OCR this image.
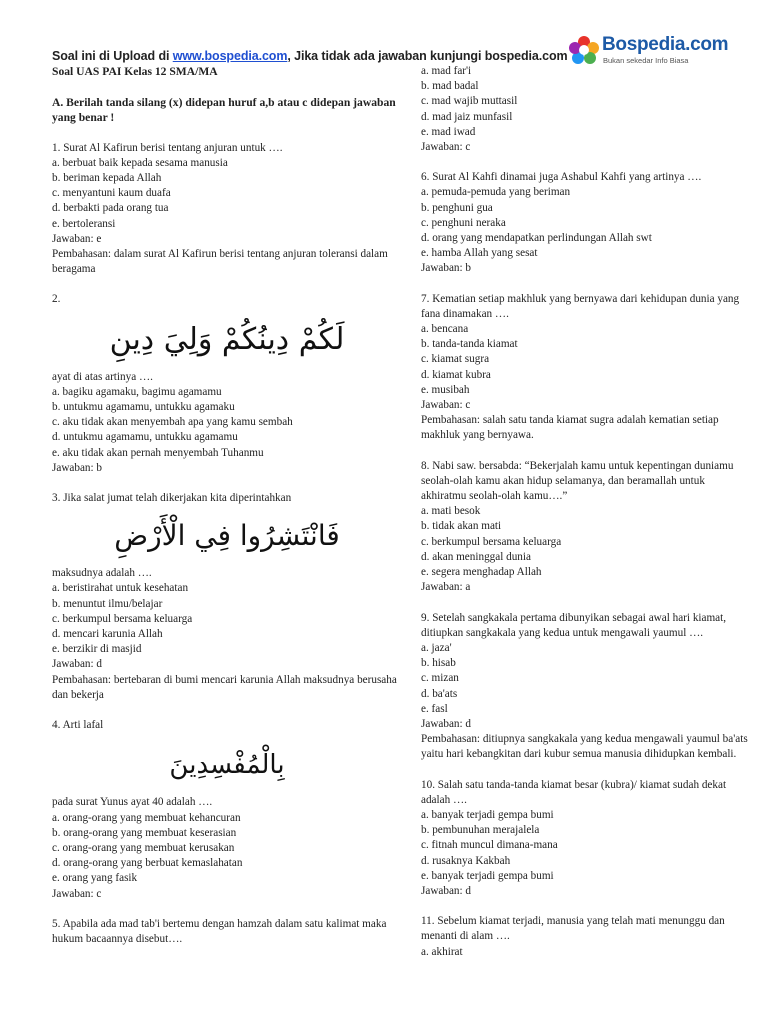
Soal ini di Upload di www.bospedia.com, Jika tidak ada jawaban kunjungi bospedia.com
Bospedia.com
Bukan sekedar Info Biasa
Soal UAS PAI Kelas 12 SMA/MA
A. Berilah tanda silang (x) didepan huruf a,b atau c didepan jawaban yang benar !
1. Surat Al Kafirun berisi tentang anjuran untuk ….
a. berbuat baik kepada sesama manusia
b. beriman kepada Allah
c. menyantuni kaum duafa
d. berbakti pada orang tua
e. bertoleransi
Jawaban: e
Pembahasan: dalam surat Al Kafirun berisi tentang anjuran toleransi dalam beragama
2.
لَكُمْ دِينُكُمْ وَلِيَ دِينِ
ayat di atas artinya ….
a. bagiku agamaku, bagimu agamamu
b. untukmu agamamu, untukku agamaku
c. aku tidak akan menyembah apa yang kamu sembah
d. untukmu agamamu, untukku agamamu
e. aku tidak akan pernah menyembah Tuhanmu
Jawaban: b
3. Jika salat jumat telah dikerjakan kita diperintahkan
فَانْتَشِرُوا فِي الْأَرْضِ
maksudnya adalah ….
a. beristirahat untuk kesehatan
b. menuntut ilmu/belajar
c. berkumpul bersama keluarga
d. mencari karunia Allah
e. berzikir di masjid
Jawaban: d
Pembahasan: bertebaran di bumi mencari karunia Allah maksudnya berusaha dan bekerja
4. Arti lafal
بِالْمُفْسِدِينَ
pada surat Yunus ayat 40 adalah ….
a. orang-orang yang membuat kehancuran
b. orang-orang yang membuat keserasian
c. orang-orang yang membuat kerusakan
d. orang-orang yang berbuat kemaslahatan
e. orang yang fasik
Jawaban: c
5. Apabila ada mad tab'i bertemu dengan hamzah dalam satu kalimat maka hukum bacaannya disebut….
a. mad far'i
b. mad badal
c. mad wajib muttasil
d. mad jaiz munfasil
e. mad iwad
Jawaban: c
6. Surat Al Kahfi dinamai juga Ashabul Kahfi yang artinya ….
a. pemuda-pemuda yang beriman
b. penghuni gua
c. penghuni neraka
d. orang yang mendapatkan perlindungan Allah swt
e. hamba Allah yang sesat
Jawaban: b
7. Kematian setiap makhluk yang bernyawa dari kehidupan dunia yang fana dinamakan ….
a. bencana
b. tanda-tanda kiamat
c. kiamat sugra
d. kiamat kubra
e. musibah
Jawaban: c
Pembahasan: salah satu tanda kiamat sugra adalah kematian setiap makhluk yang bernyawa.
8. Nabi saw. bersabda: “Bekerjalah kamu untuk kepentingan duniamu seolah-olah kamu akan hidup selamanya, dan beramallah untuk akhiratmu seolah-olah kamu….”
a. mati besok
b. tidak akan mati
c. berkumpul bersama keluarga
d. akan meninggal dunia
e. segera menghadap Allah
Jawaban: a
9. Setelah sangkakala pertama dibunyikan sebagai awal hari kiamat, ditiupkan sangkakala yang kedua untuk mengawali yaumul ….
a. jaza'
b. hisab
c. mizan
d. ba'ats
e. fasl
Jawaban: d
Pembahasan: ditiupnya sangkakala yang kedua mengawali yaumul ba'ats yaitu hari kebangkitan dari kubur semua manusia dihidupkan kembali.
10. Salah satu tanda-tanda kiamat besar (kubra)/ kiamat sudah dekat adalah ….
a. banyak terjadi gempa bumi
b. pembunuhan merajalela
c. fitnah muncul dimana-mana
d. rusaknya Kakbah
e. banyak terjadi gempa bumi
Jawaban: d
11. Sebelum kiamat terjadi, manusia yang telah mati menunggu dan menanti di alam ….
a. akhirat
